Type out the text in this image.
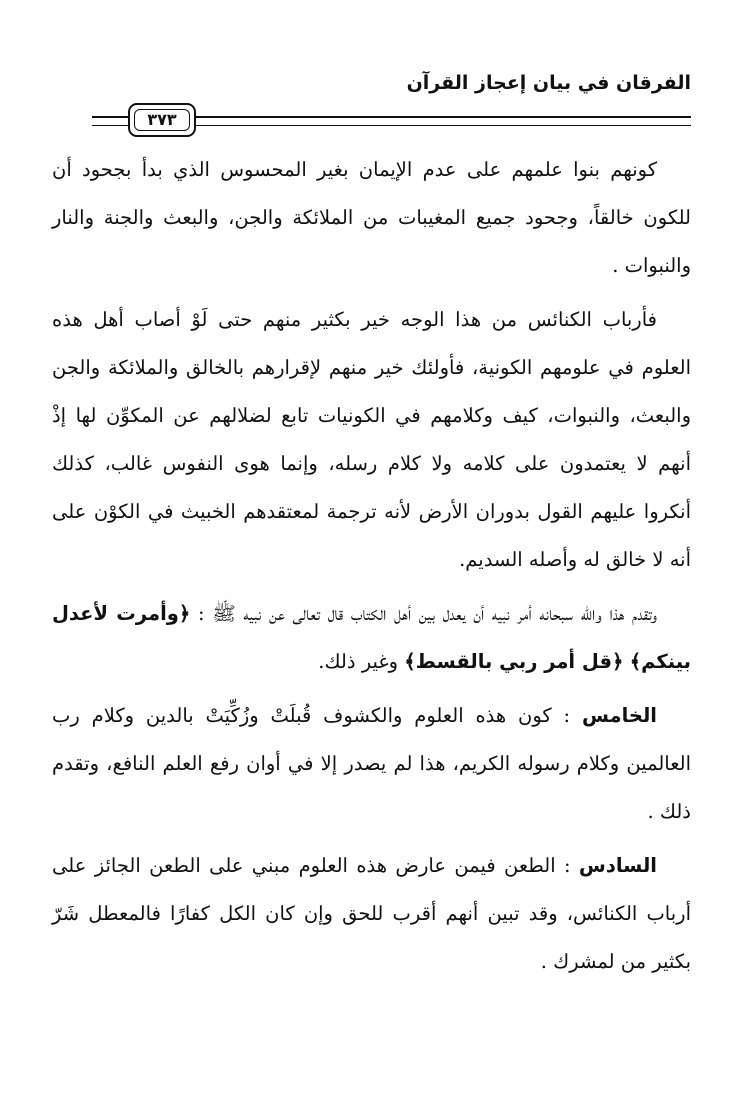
الفرقان في بيان إعجاز القرآن
٣٧٣

كونهم بنوا علمهم على عدم الإيمان بغير المحسوس الذي بدأ بجحود أن للكون خالقاً، وجحود جميع المغيبات من الملائكة والجن، والبعث والجنة والنار والنبوات .

فأرباب الكنائس من هذا الوجه خير بكثير منهم حتى لَوْ أصاب أهل هذه العلوم في علومهم الكونية، فأولئك خير منهم لإقرارهم بالخالق والملائكة والجن والبعث، والنبوات، كيف وكلامهم في الكونيات تابع لضلالهم عن المكوِّن لها إذْ أنهم لا يعتمدون على كلامه ولا كلام رسله، وإنما هوى النفوس غالب، كذلك أنكروا عليهم القول بدوران الأرض لأنه ترجمة لمعتقدهم الخبيث في الكوْن على أنه لا خالق له وأصله السديم.

وتقدم هذا والله سبحانه أمر نبيه أن يعدل بين أهل الكتاب قال تعالى عن نبيه ﷺ : ﴿وأمرت لأعدل بينكم﴾ ﴿قل أمر ربي بالقسط﴾ وغير ذلك.

الخامس : كون هذه العلوم والكشوف قُبلَتْ وزُكِّيَتْ بالدين وكلام رب العالمين وكلام رسوله الكريم، هذا لم يصدر إلا في أوان رفع العلم النافع، وتقدم ذلك .

السادس : الطعن فيمن عارض هذه العلوم مبني على الطعن الجائز على أرباب الكنائس، وقد تبين أنهم أقرب للحق وإن كان الكل كفارًا فالمعطل شَرّ بكثير من لمشرك .
